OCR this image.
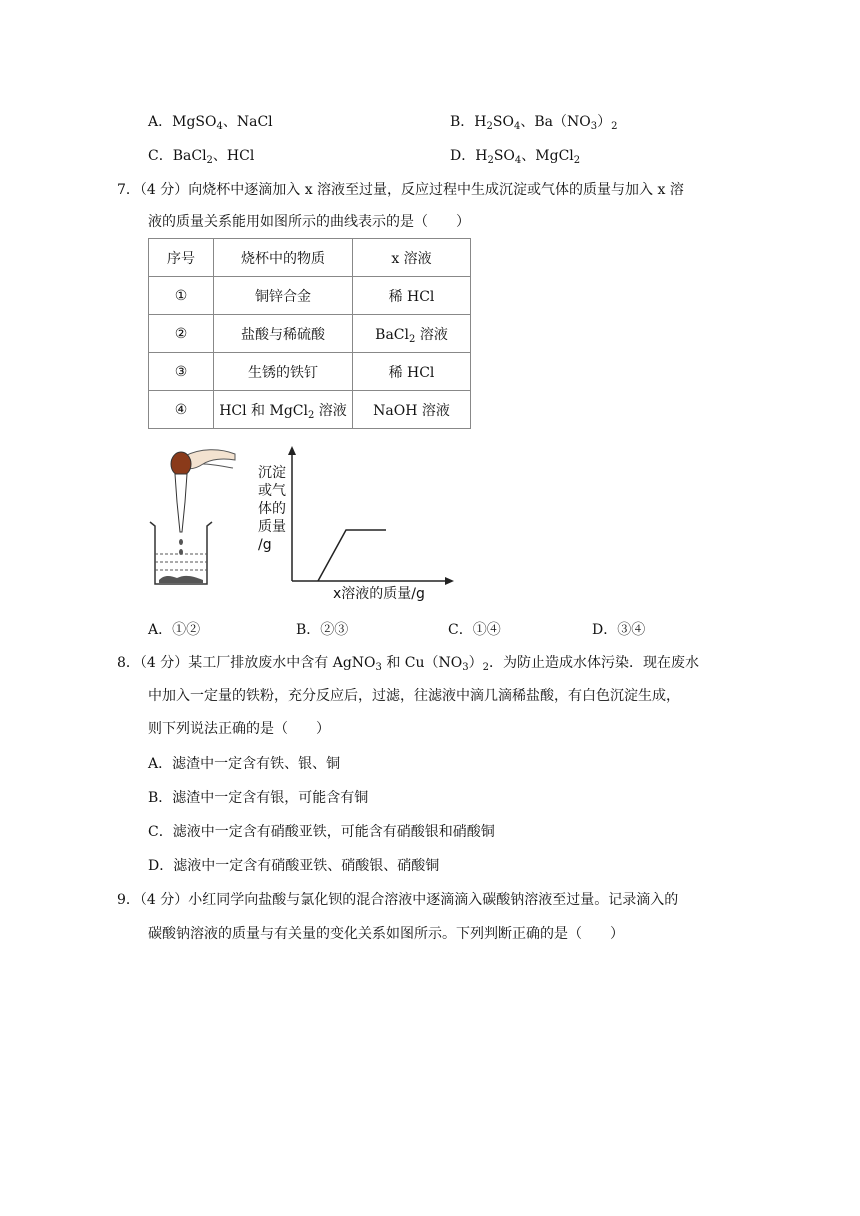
A．MgSO$_4$、NaCl	B．$H_2SO_4$、$Ba(NO_3)_2$
C．BaCl$_2$、HCl	D．$H_2SO_4$、MgCl$_2$
7．（4 分）向烧杯中逐滴加入 x 溶液至过量，反应过程中生成沉淀或气体的质量与加入 x 溶
液的质量关系能用如图所示的曲线表示的是（　　）
序号	烧杯中的物质	x 溶液
①	铜锌合金	稀 HCl
②	盐酸与稀硫酸	BaCl$_2$ 溶液
③	生锈的铁钉	稀 HCl
④	HCl 和 MgCl$_2$ 溶液	NaOH 溶液
沉淀
或气
体的
质量
/g
x溶液的质量/g
A．①②	B．②③	C．①④	D．③④
8．（4 分）某工厂排放废水中含有 AgNO$_3$ 和 $Cu(NO_3)_2$．为防止造成水体污染．现在废水
中加入一定量的铁粉，充分反应后，过滤，往滤液中滴几滴稀盐酸，有白色沉淀生成，
则下列说法正确的是（　　）
A．滤渣中一定含有铁、银、铜
B．滤渣中一定含有银，可能含有铜
C．滤液中一定含有硝酸亚铁，可能含有硝酸银和硝酸铜
D．滤液中一定含有硝酸亚铁、硝酸银、硝酸铜
9．（4 分）小红同学向盐酸与氯化钡的混合溶液中逐滴滴入碳酸钠溶液至过量。记录滴入的
碳酸钠溶液的质量与有关量的变化关系如图所示。下列判断正确的是（　　）
